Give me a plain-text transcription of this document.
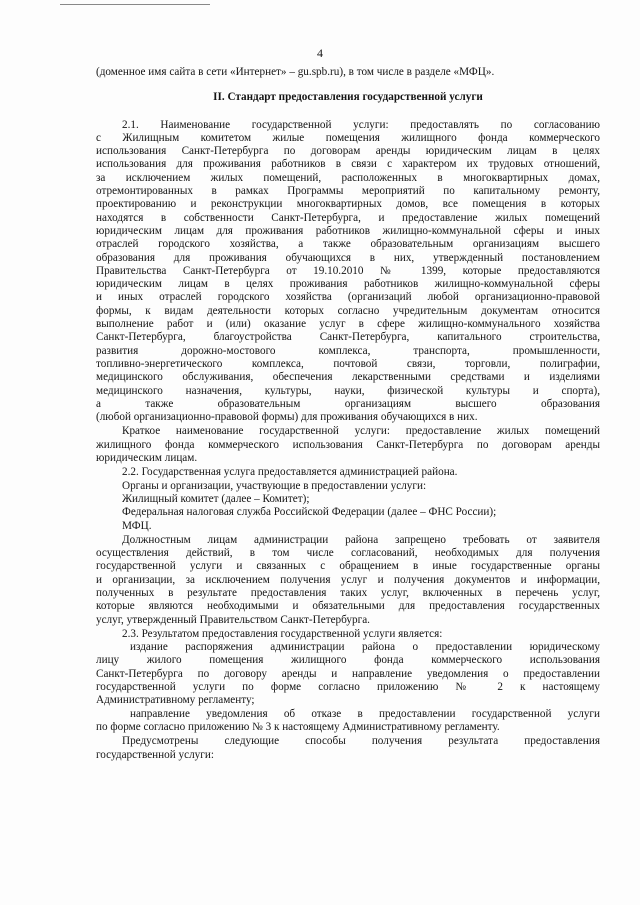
4
(доменное имя сайта в сети «Интернет» – gu.spb.ru), в том числе в разделе «МФЦ».
II. Стандарт предоставления государственной услуги
2.1. Наименование государственной услуги: предоставлять по согласованию
с Жилищным комитетом жилые помещения жилищного фонда коммерческого
использования Санкт-Петербурга по договорам аренды юридическим лицам в целях
использования для проживания работников в связи с характером их трудовых отношений,
за исключением жилых помещений, расположенных в многоквартирных домах,
отремонтированных в рамках Программы мероприятий по капитальному ремонту,
проектированию и реконструкции многоквартирных домов, все помещения в которых
находятся в собственности Санкт-Петербурга, и предоставление жилых помещений
юридическим лицам для проживания работников жилищно-коммунальной сферы и иных
отраслей городского хозяйства, а также образовательным организациям высшего
образования для проживания обучающихся в них, утвержденный постановлением
Правительства Санкт-Петербурга от 19.10.2010 № 1399, которые предоставляются
юридическим лицам в целях проживания работников жилищно-коммунальной сферы
и иных отраслей городского хозяйства (организаций любой организационно-правовой
формы, к видам деятельности которых согласно учредительным документам относится
выполнение работ и (или) оказание услуг в сфере жилищно-коммунального хозяйства
Санкт-Петербурга, благоустройства Санкт-Петербурга, капитального строительства,
развития дорожно-мостового комплекса, транспорта, промышленности,
топливно-энергетического комплекса, почтовой связи, торговли, полиграфии,
медицинского обслуживания, обеспечения лекарственными средствами и изделиями
медицинского назначения, культуры, науки, физической культуры и спорта),
а также образовательным организациям высшего образования
(любой организационно-правовой формы) для проживания обучающихся в них.
Краткое наименование государственной услуги: предоставление жилых помещений
жилищного фонда коммерческого использования Санкт-Петербурга по договорам аренды
юридическим лицам.
2.2. Государственная услуга предоставляется администрацией района.
Органы и организации, участвующие в предоставлении услуги:
Жилищный комитет (далее – Комитет);
Федеральная налоговая служба Российской Федерации (далее – ФНС России);
МФЦ.
Должностным лицам администрации района запрещено требовать от заявителя
осуществления действий, в том числе согласований, необходимых для получения
государственной услуги и связанных с обращением в иные государственные органы
и организации, за исключением получения услуг и получения документов и информации,
полученных в результате предоставления таких услуг, включенных в перечень услуг,
которые являются необходимыми и обязательными для предоставления государственных
услуг, утвержденный Правительством Санкт-Петербурга.
2.3. Результатом предоставления государственной услуги является:
издание распоряжения администрации района о предоставлении юридическому
лицу жилого помещения жилищного фонда коммерческого использования
Санкт-Петербурга по договору аренды и направление уведомления о предоставлении
государственной услуги по форме согласно приложению № 2 к настоящему
Административному регламенту;
направление уведомления об отказе в предоставлении государственной услуги
по форме согласно приложению № 3 к настоящему Административному регламенту.
Предусмотрены следующие способы получения результата предоставления
государственной услуги:
